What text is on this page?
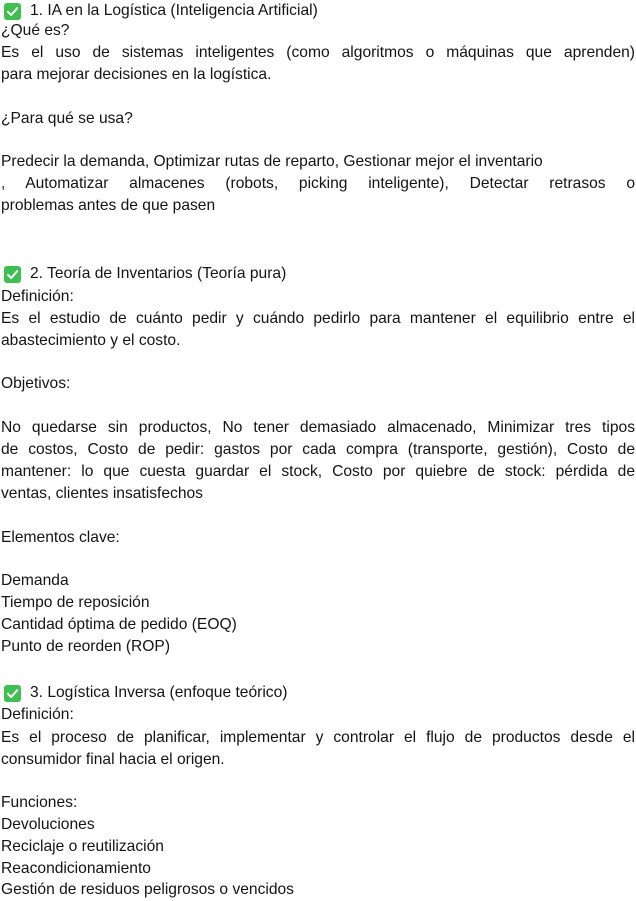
1. IA en la Logística (Inteligencia Artificial)
¿Qué es?
Es el uso de sistemas inteligentes (como algoritmos o máquinas que aprenden)
para mejorar decisiones en la logística.
¿Para qué se usa?
Predecir la demanda, Optimizar rutas de reparto, Gestionar mejor el inventario
, Automatizar almacenes (robots, picking inteligente), Detectar retrasos o
problemas antes de que pasen
2. Teoría de Inventarios (Teoría pura)
Definición:
Es el estudio de cuánto pedir y cuándo pedirlo para mantener el equilibrio entre el
abastecimiento y el costo.
Objetivos:
No quedarse sin productos, No tener demasiado almacenado, Minimizar tres tipos
de costos, Costo de pedir: gastos por cada compra (transporte, gestión), Costo de
mantener: lo que cuesta guardar el stock, Costo por quiebre de stock: pérdida de
ventas, clientes insatisfechos
Elementos clave:
Demanda
Tiempo de reposición
Cantidad óptima de pedido (EOQ)
Punto de reorden (ROP)
3. Logística Inversa (enfoque teórico)
Definición:
Es el proceso de planificar, implementar y controlar el flujo de productos desde el
consumidor final hacia el origen.
Funciones:
Devoluciones
Reciclaje o reutilización
Reacondicionamiento
Gestión de residuos peligrosos o vencidos
